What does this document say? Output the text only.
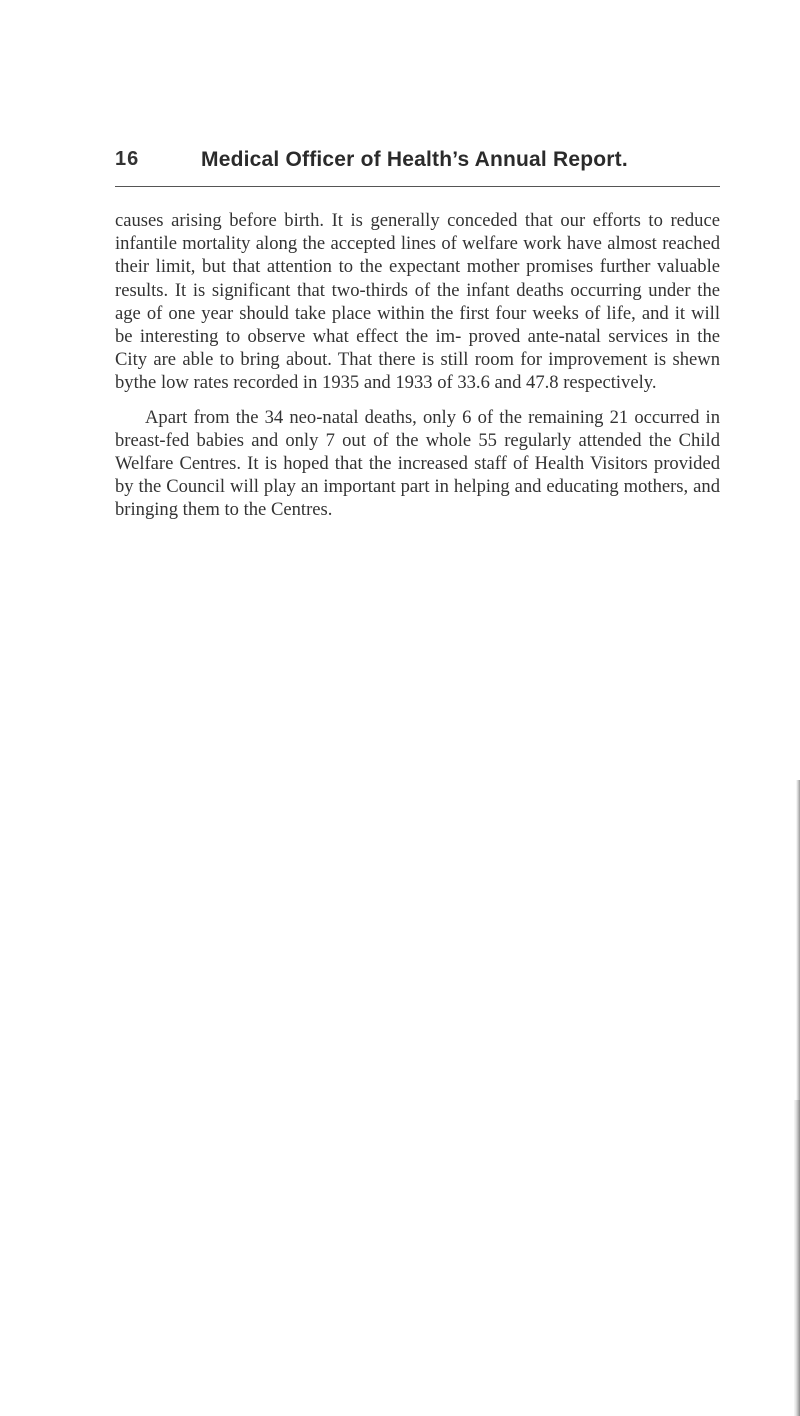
16	Medical Officer of Health’s Annual Report.

causes arising before birth. It is generally conceded that our efforts to reduce infantile mortality along the accepted lines of welfare work have almost reached their limit, but that attention to the expectant mother promises further valuable results. It is significant that two-thirds of the infant deaths occurring under the age of one year should take place within the first four weeks of life, and it will be interesting to observe what effect the im- proved ante-natal services in the City are able to bring about. That there is still room for improvement is shewn bythe low rates recorded in 1935 and 1933 of 33.6 and 47.8 respectively.

Apart from the 34 neo-natal deaths, only 6 of the remaining 21 occurred in breast-fed babies and only 7 out of the whole 55 regularly attended the Child Welfare Centres. It is hoped that the increased staff of Health Visitors provided by the Council will play an important part in helping and educating mothers, and bringing them to the Centres.
